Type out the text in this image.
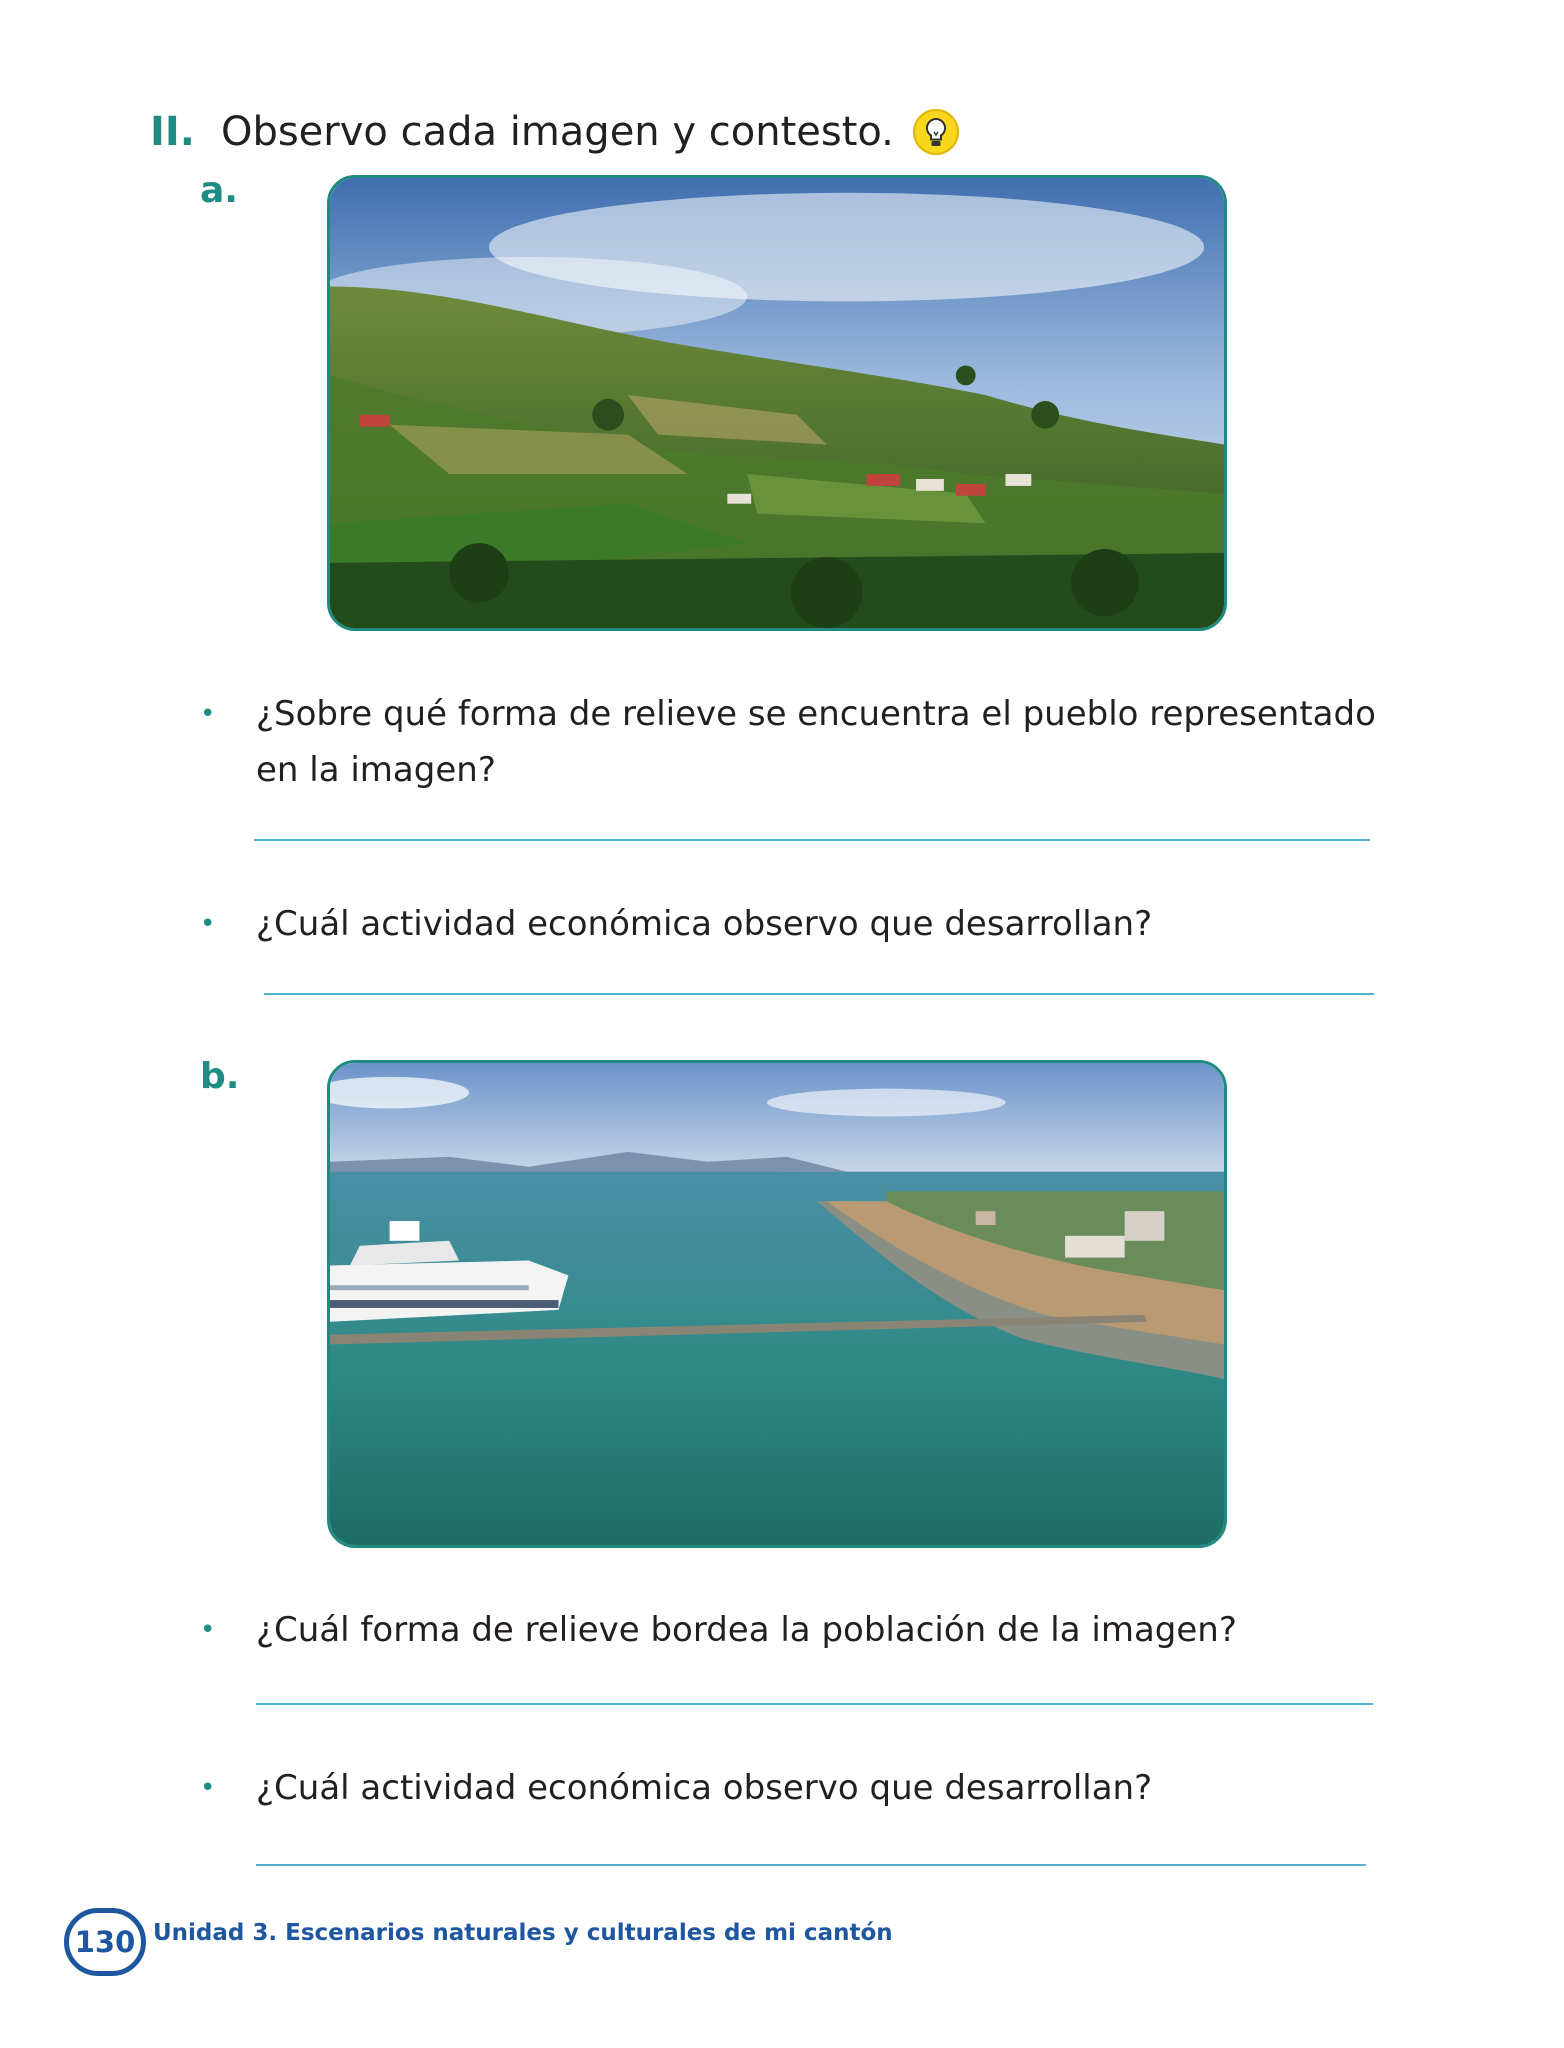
II. Observo cada imagen y contesto.
a.
• ¿Sobre qué forma de relieve se encuentra el pueblo representado en la imagen?
• ¿Cuál actividad económica observo que desarrollan?
b.
• ¿Cuál forma de relieve bordea la población de la imagen?
• ¿Cuál actividad económica observo que desarrollan?
130 Unidad 3. Escenarios naturales y culturales de mi cantón
